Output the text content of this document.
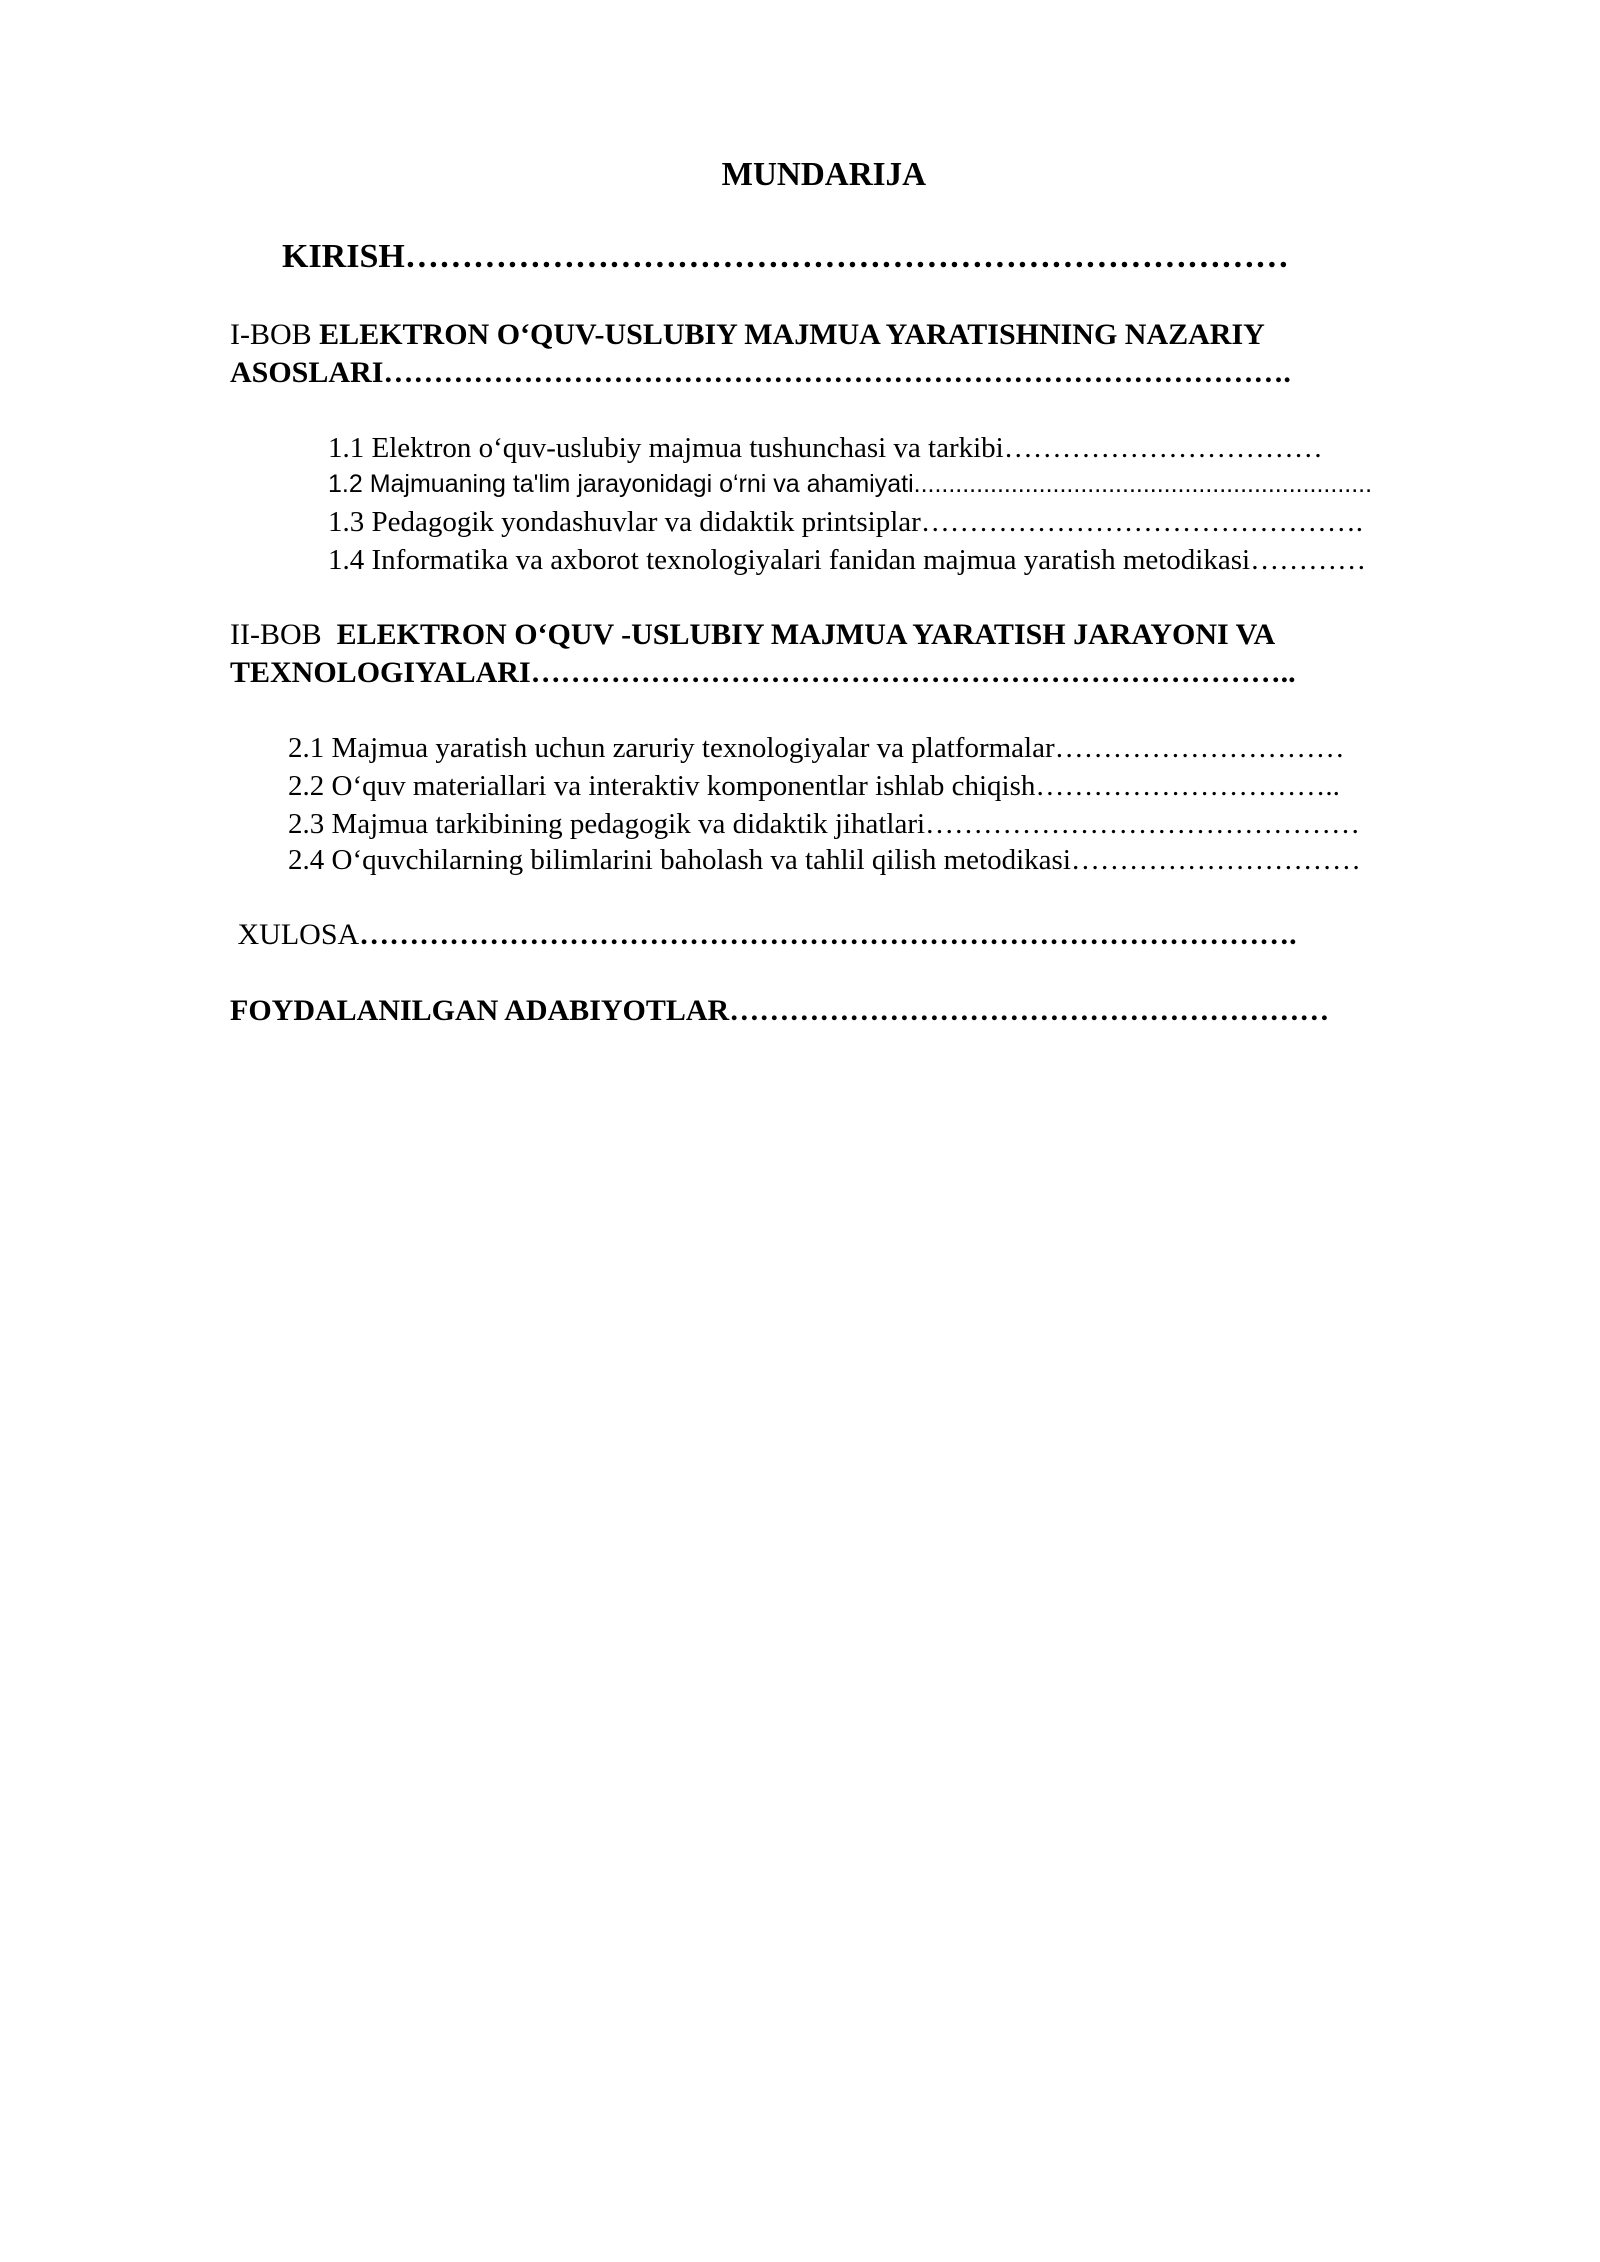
MUNDARIJA
KIRISH……………………………………………………………………
I-BOB ELEKTRON O‘QUV-USLUBIY MAJMUA YARATISHNING NAZARIY
ASOSLARI……………………………………………………………………………….
1.1 Elektron o‘quv-uslubiy majmua tushunchasi va tarkibi……………………………
1.2 Majmuaning ta'lim jarayonidagi o‘rni va ahamiyati..................................................................
1.3 Pedagogik yondashuvlar va didaktik printsiplar……………………………………….
1.4 Informatika va axborot texnologiyalari fanidan majmua yaratish metodikasi…………
II-BOB  ELEKTRON O‘QUV -USLUBIY MAJMUA YARATISH JARAYONI VA
TEXNOLOGIYALARI…………………………………………………………………..
2.1 Majmua yaratish uchun zaruriy texnologiyalar va platformalar…………………………
2.2 O‘quv materiallari va interaktiv komponentlar ishlab chiqish…………………………..
2.3 Majmua tarkibining pedagogik va didaktik jihatlari………………………………………
2.4 O‘quvchilarning bilimlarini baholash va tahlil qilish metodikasi…………………………
XULOSA………………………………………………………………………………….
FOYDALANILGAN ADABIYOTLAR……………………………………………………
